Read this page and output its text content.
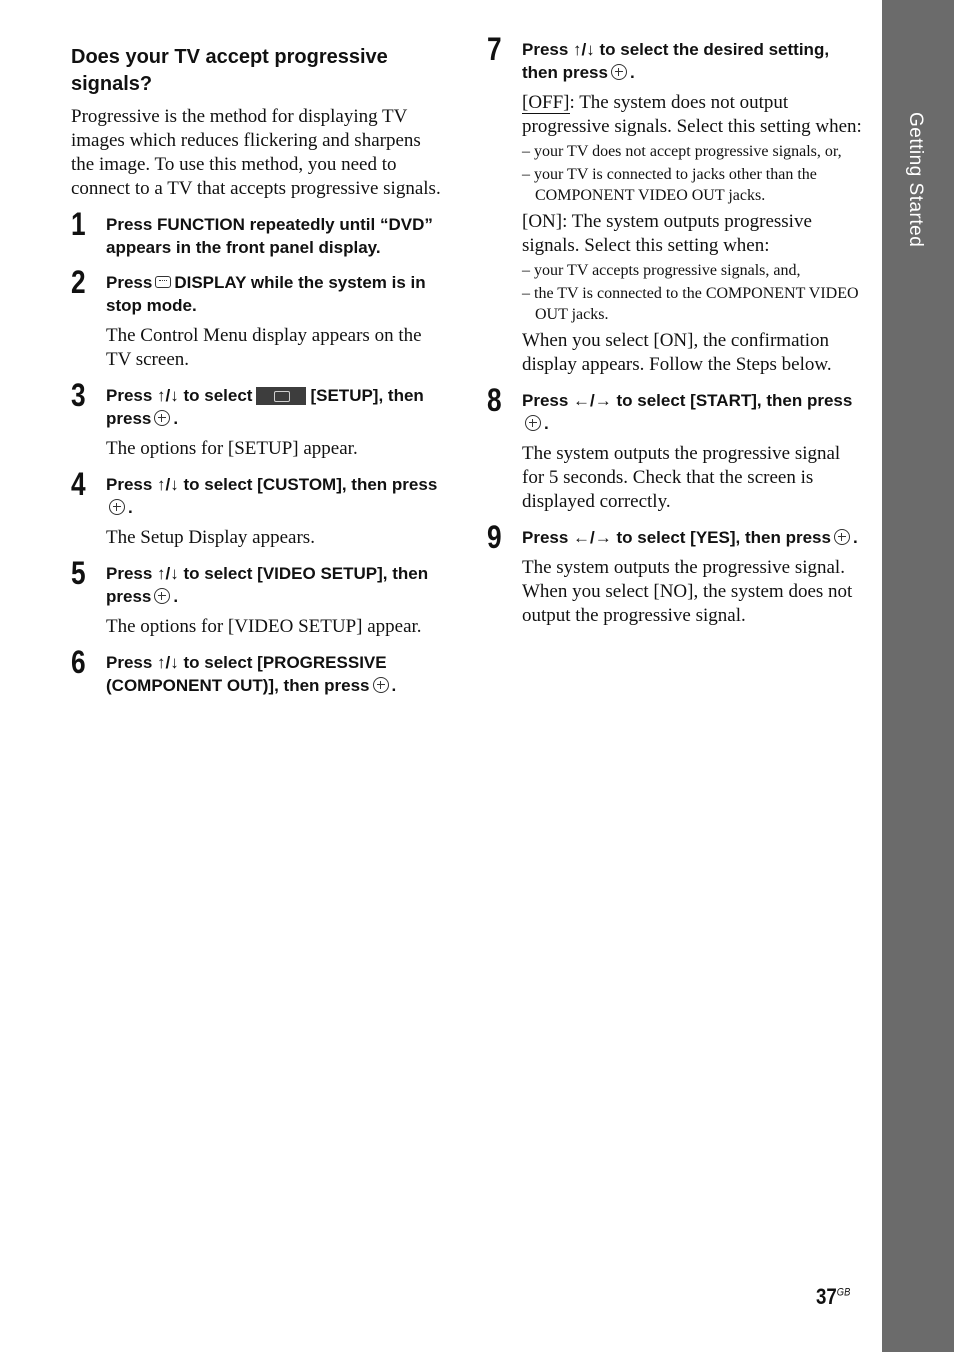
Getting Started
Does your TV accept progressive signals?

Progressive is the method for displaying TV images which reduces flickering and sharpens the image. To use this method, you need to connect to a TV that accepts progressive signals.

1 Press FUNCTION repeatedly until “DVD” appears in the front panel display.
2 Press DISPLAY while the system is in stop mode.
The Control Menu display appears on the TV screen.
3 Press ↑/↓ to select	[SETUP], then press .
The options for [SETUP] appear.
4 Press ↑/↓ to select [CUSTOM], then press.
The Setup Display appears.
5 Press ↑/↓ to select [VIDEO SETUP], then press .
The options for [VIDEO SETUP] appear.
6 Press ↑/↓ to select [PROGRESSIVE (COMPONENT OUT)], then press .
7 Press ↑/↓ to select the desired setting, then press .
[OFF]: The system does not output progressive signals. Select this setting when:
– your TV does not accept progressive signals, or,
– your TV is connected to jacks other than the COMPONENT VIDEO OUT jacks.
[ON]: The system outputs progressive signals. Select this setting when:
– your TV accepts progressive signals, and,
– the TV is connected to the COMPONENT VIDEO OUT jacks.
When you select [ON], the confirmation display appears. Follow the Steps below.
8 Press ←/→ to select [START], then press.
The system outputs the progressive signal for 5 seconds. Check that the screen is displayed correctly.
9 Press ←/→ to select [YES], then press .
The system outputs the progressive signal. When you select [NO], the system does not output the progressive signal.
$37^{GB}$
